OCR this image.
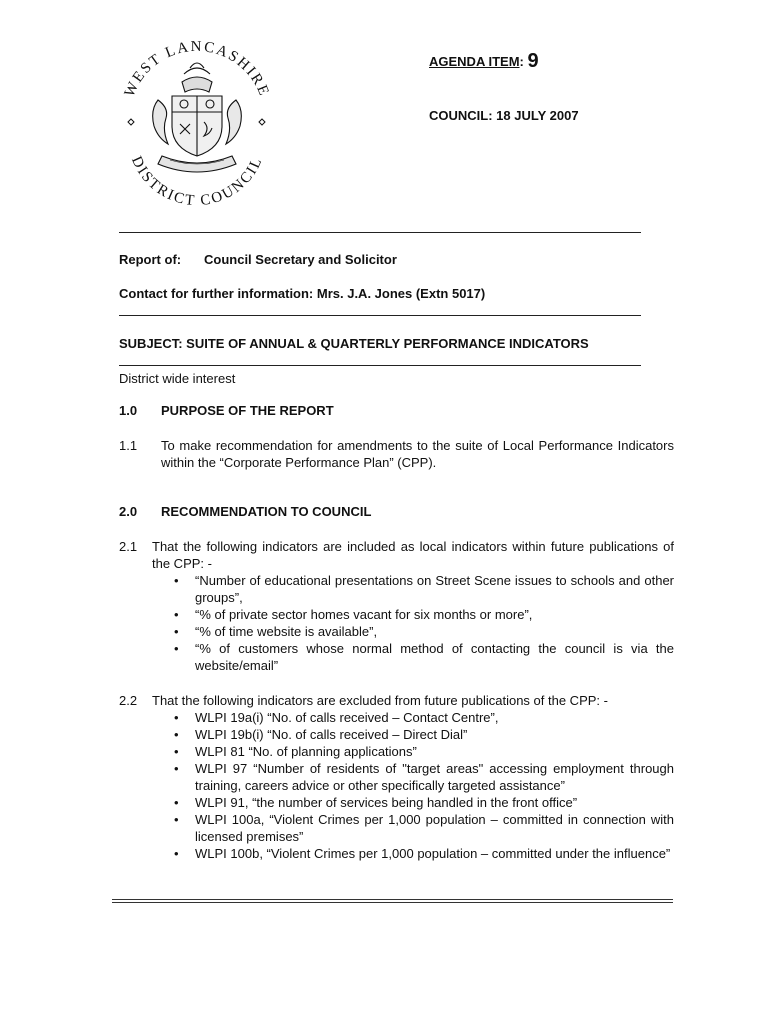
WEST LANCASHIRE
DISTRICT COUNCIL
AGENDA ITEM: 9
COUNCIL: 18 JULY 2007
Report of: Council Secretary and Solicitor
Contact for further information: Mrs. J.A. Jones (Extn 5017)
SUBJECT: SUITE OF ANNUAL & QUARTERLY PERFORMANCE INDICATORS
District wide interest
1.0 PURPOSE OF THE REPORT
1.1 To make recommendation for amendments to the suite of Local Performance Indicators within the “Corporate Performance Plan” (CPP).
2.0 RECOMMENDATION TO COUNCIL
2.1 That the following indicators are included as local indicators within future publications of the CPP: -
• “Number of educational presentations on Street Scene issues to schools and other groups”,
• “% of private sector homes vacant for six months or more”,
• “% of time website is available”,
• “% of customers whose normal method of contacting the council is via the website/email”
2.2 That the following indicators are excluded from future publications of the CPP: -
• WLPI 19a(i) “No. of calls received – Contact Centre”,
• WLPI 19b(i) “No. of calls received – Direct Dial”
• WLPI 81 “No. of planning applications”
• WLPI 97 “Number of residents of "target areas" accessing employment through training, careers advice or other specifically targeted assistance”
• WLPI 91, “the number of services being handled in the front office”
• WLPI 100a, “Violent Crimes per 1,000 population – committed in connection with licensed premises”
• WLPI 100b, “Violent Crimes per 1,000 population – committed under the influence”
